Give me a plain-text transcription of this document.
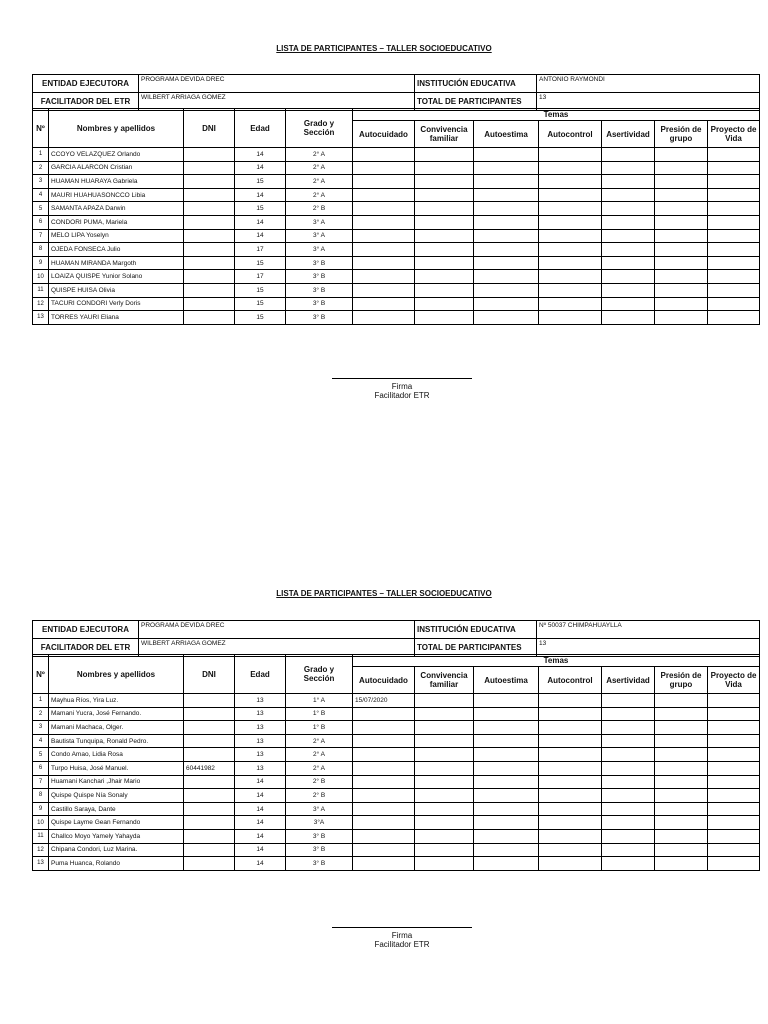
LISTA DE PARTICIPANTES – TALLER SOCIOEDUCATIVO
ENTIDAD EJECUTORA	PROGRAMA DEVIDA DREC	INSTITUCIÓN EDUCATIVA	ANTONIO RAYMONDI
FACILITADOR DEL ETR	WILBERT ARRIAGA GOMEZ	TOTAL DE PARTICIPANTES	13
Nº	Nombres y apellidos	DNI	Edad	Grado y Sección	Temas						
					Autocuidado	Convivencia familiar	Autoestima	Autocontrol	Asertividad	Presión de grupo	Proyecto de Vida
1	CCOYO VELAZQUEZ Orlando		14	2° A							
2	GARCIA ALARCON Cristian		14	2° A							
3	HUAMAN HUARAYA Gabriela		15	2° A							
4	MAURI HUAHUASONCCO Libia		14	2° A							
5	SAMANTA APAZA Darwin		15	2° B							
6	CONDORI PUMA, Mariela		14	3° A							
7	MELO LIPA Yoselyn		14	3° A							
8	OJEDA FONSECA Julio		17	3° A							
9	HUAMAN MIRANDA Margoth		15	3° B							
10	LOAIZA QUISPE Yunior Solano		17	3° B							
11	QUISPE HUISA Olivia		15	3° B							
12	TACURI CONDORI Verly Doris		15	3° B							
13	TORRES YAURI Eliana		15	3° B							
Firma
Facilitador ETR
LISTA DE PARTICIPANTES – TALLER SOCIOEDUCATIVO
ENTIDAD EJECUTORA	PROGRAMA DEVIDA DREC	INSTITUCIÓN EDUCATIVA	Nº 50037 CHIMPAHUAYLLA
FACILITADOR DEL ETR	WILBERT ARRIAGA GOMEZ	TOTAL DE PARTICIPANTES	13
Nº	Nombres y apellidos	DNI	Edad	Grado y Sección	Temas						
					Autocuidado	Convivencia familiar	Autoestima	Autocontrol	Asertividad	Presión de grupo	Proyecto de Vida
1	Mayhua Ríos, Yira Luz.		13	1° A	15/07/2020						
2	Mamani Yucra, José Fernando.		13	1° B							
3	Mamani Machaca, Olger.		13	1° B							
4	Bautista Tunquipa, Ronald Pedro.		13	2° A							
5	Condo Amao, Lidia Rosa		13	2° A							
6	Turpo Huisa, José Manuel.	60441982	13	2° A							
7	Huamani Kanchari ,Jhair Mario		14	2° B							
8	Quispe Quispe Nía Sonaly		14	2° B							
9	Castillo Saraya, Dante		14	3° A							
10	Quispe Layme Gean Fernando		14	3°A							
11	Challco Moyo Yamely Yahayda		14	3° B							
12	Chipana Condori, Luz Marina.		14	3° B							
13	Puma Huanca, Rolando		14	3° B							
Firma
Facilitador ETR
